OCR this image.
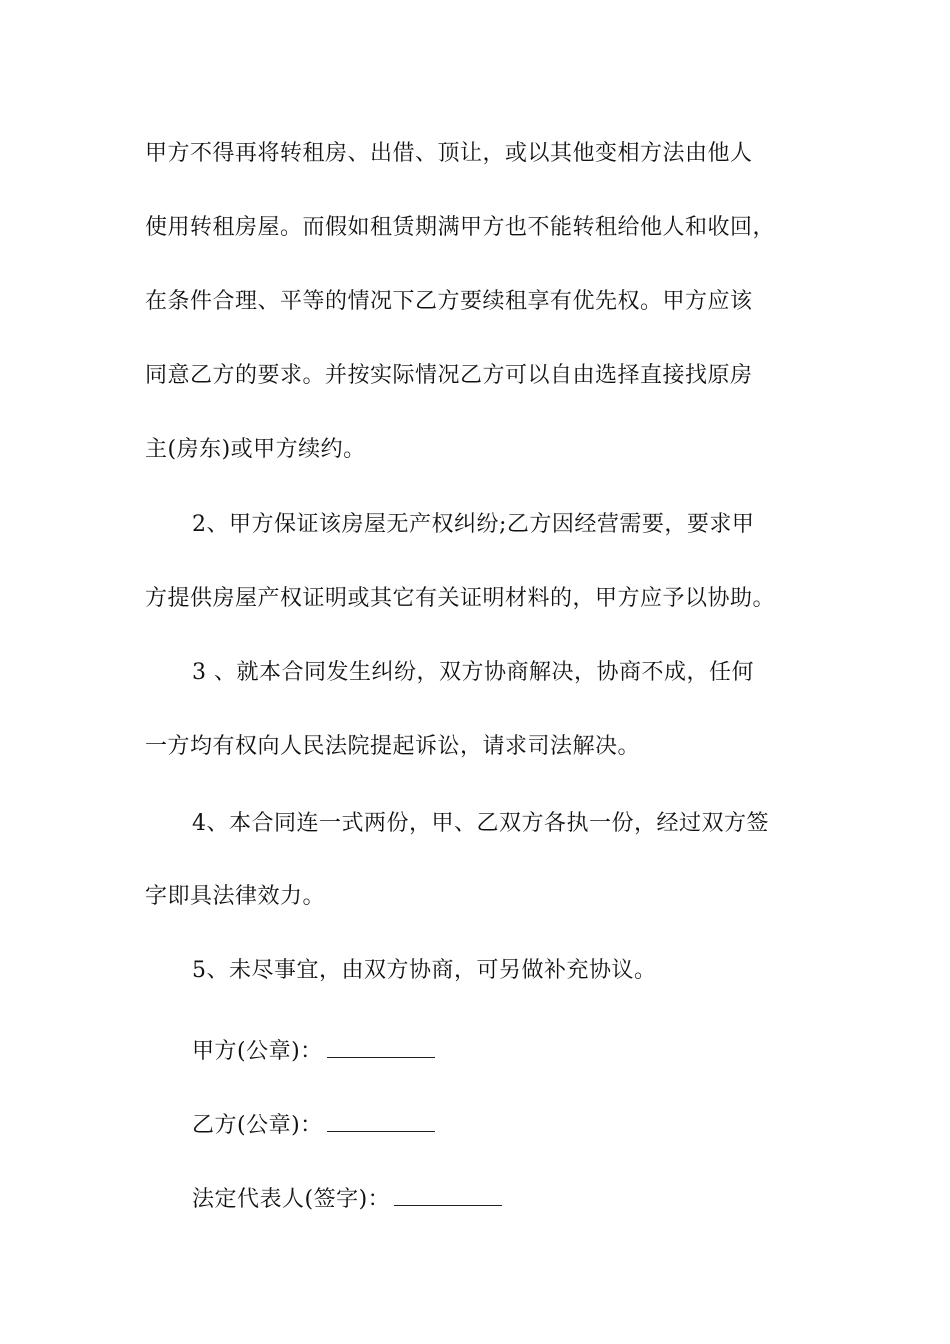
甲方不得再将转租房、出借、顶让，或以其他变相方法由他人
使用转租房屋。而假如租赁期满甲方也不能转租给他人和收回，
在条件合理、平等的情况下乙方要续租享有优先权。甲方应该
同意乙方的要求。并按实际情况乙方可以自由选择直接找原房
主(房东)或甲方续约。
2、甲方保证该房屋无产权纠纷;乙方因经营需要，要求甲
方提供房屋产权证明或其它有关证明材料的，甲方应予以协助。
3 、就本合同发生纠纷，双方协商解决，协商不成，任何
一方均有权向人民法院提起诉讼，请求司法解决。
4、本合同连一式两份，甲、乙双方各执一份，经过双方签
字即具法律效力。
5、未尽事宜，由双方协商，可另做补充协议。
甲方(公章)：
乙方(公章)：
法定代表人(签字)：
